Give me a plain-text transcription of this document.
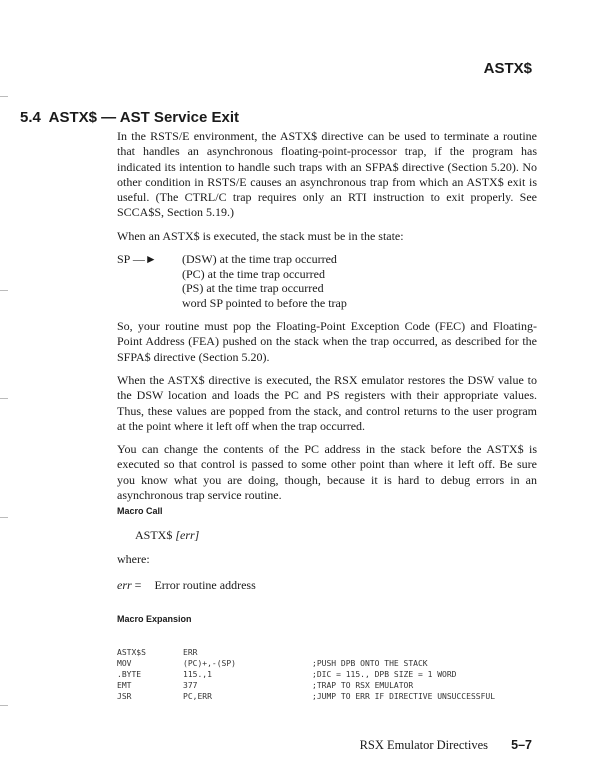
ASTX$
5.4 ASTX$ — AST Service Exit

In the RSTS/E environment, the ASTX$ directive can be used to terminate a routine that handles an asynchronous floating-point-processor trap, if the program has indicated its intention to handle such traps with an SFPA$ directive (Section 5.20). No other condition in RSTS/E causes an asynchronous trap from which an ASTX$ exit is useful. (The CTRL/C trap requires only an RTI instruction to exit properly. See SCCA$S, Section 5.19.)

When an ASTX$ is executed, the stack must be in the state:

SP —►	(DSW) at the time trap occurred
(PC) at the time trap occurred
(PS) at the time trap occurred
word SP pointed to before the trap

So, your routine must pop the Floating-Point Exception Code (FEC) and Floating-Point Address (FEA) pushed on the stack when the trap occurred, as described for the SFPA$ directive (Section 5.20).

When the ASTX$ directive is executed, the RSX emulator restores the DSW value to the DSW location and loads the PC and PS registers with their appropriate values. Thus, these values are popped from the stack, and control returns to the user program at the point where it left off when the trap occurred.

You can change the contents of the PC address in the stack before the ASTX$ is executed so that control is passed to some other point than where it left off. Be sure you know what you are doing, though, because it is hard to debug errors in an asynchronous trap service routine.

Macro Call

ASTX$ [err]

where:

err = Error routine address

Macro Expansion

ASTX$S	ERR
MOV	(PC)+,-(SP)	;PUSH DPB ONTO THE STACK
.BYTE	115.,1	;DIC = 115., DPB SIZE = 1 WORD
EMT	377	;TRAP TO RSX EMULATOR
JSR	PC,ERR	;JUMP TO ERR IF DIRECTIVE UNSUCCESSFUL
RSX Emulator Directives 5–7
